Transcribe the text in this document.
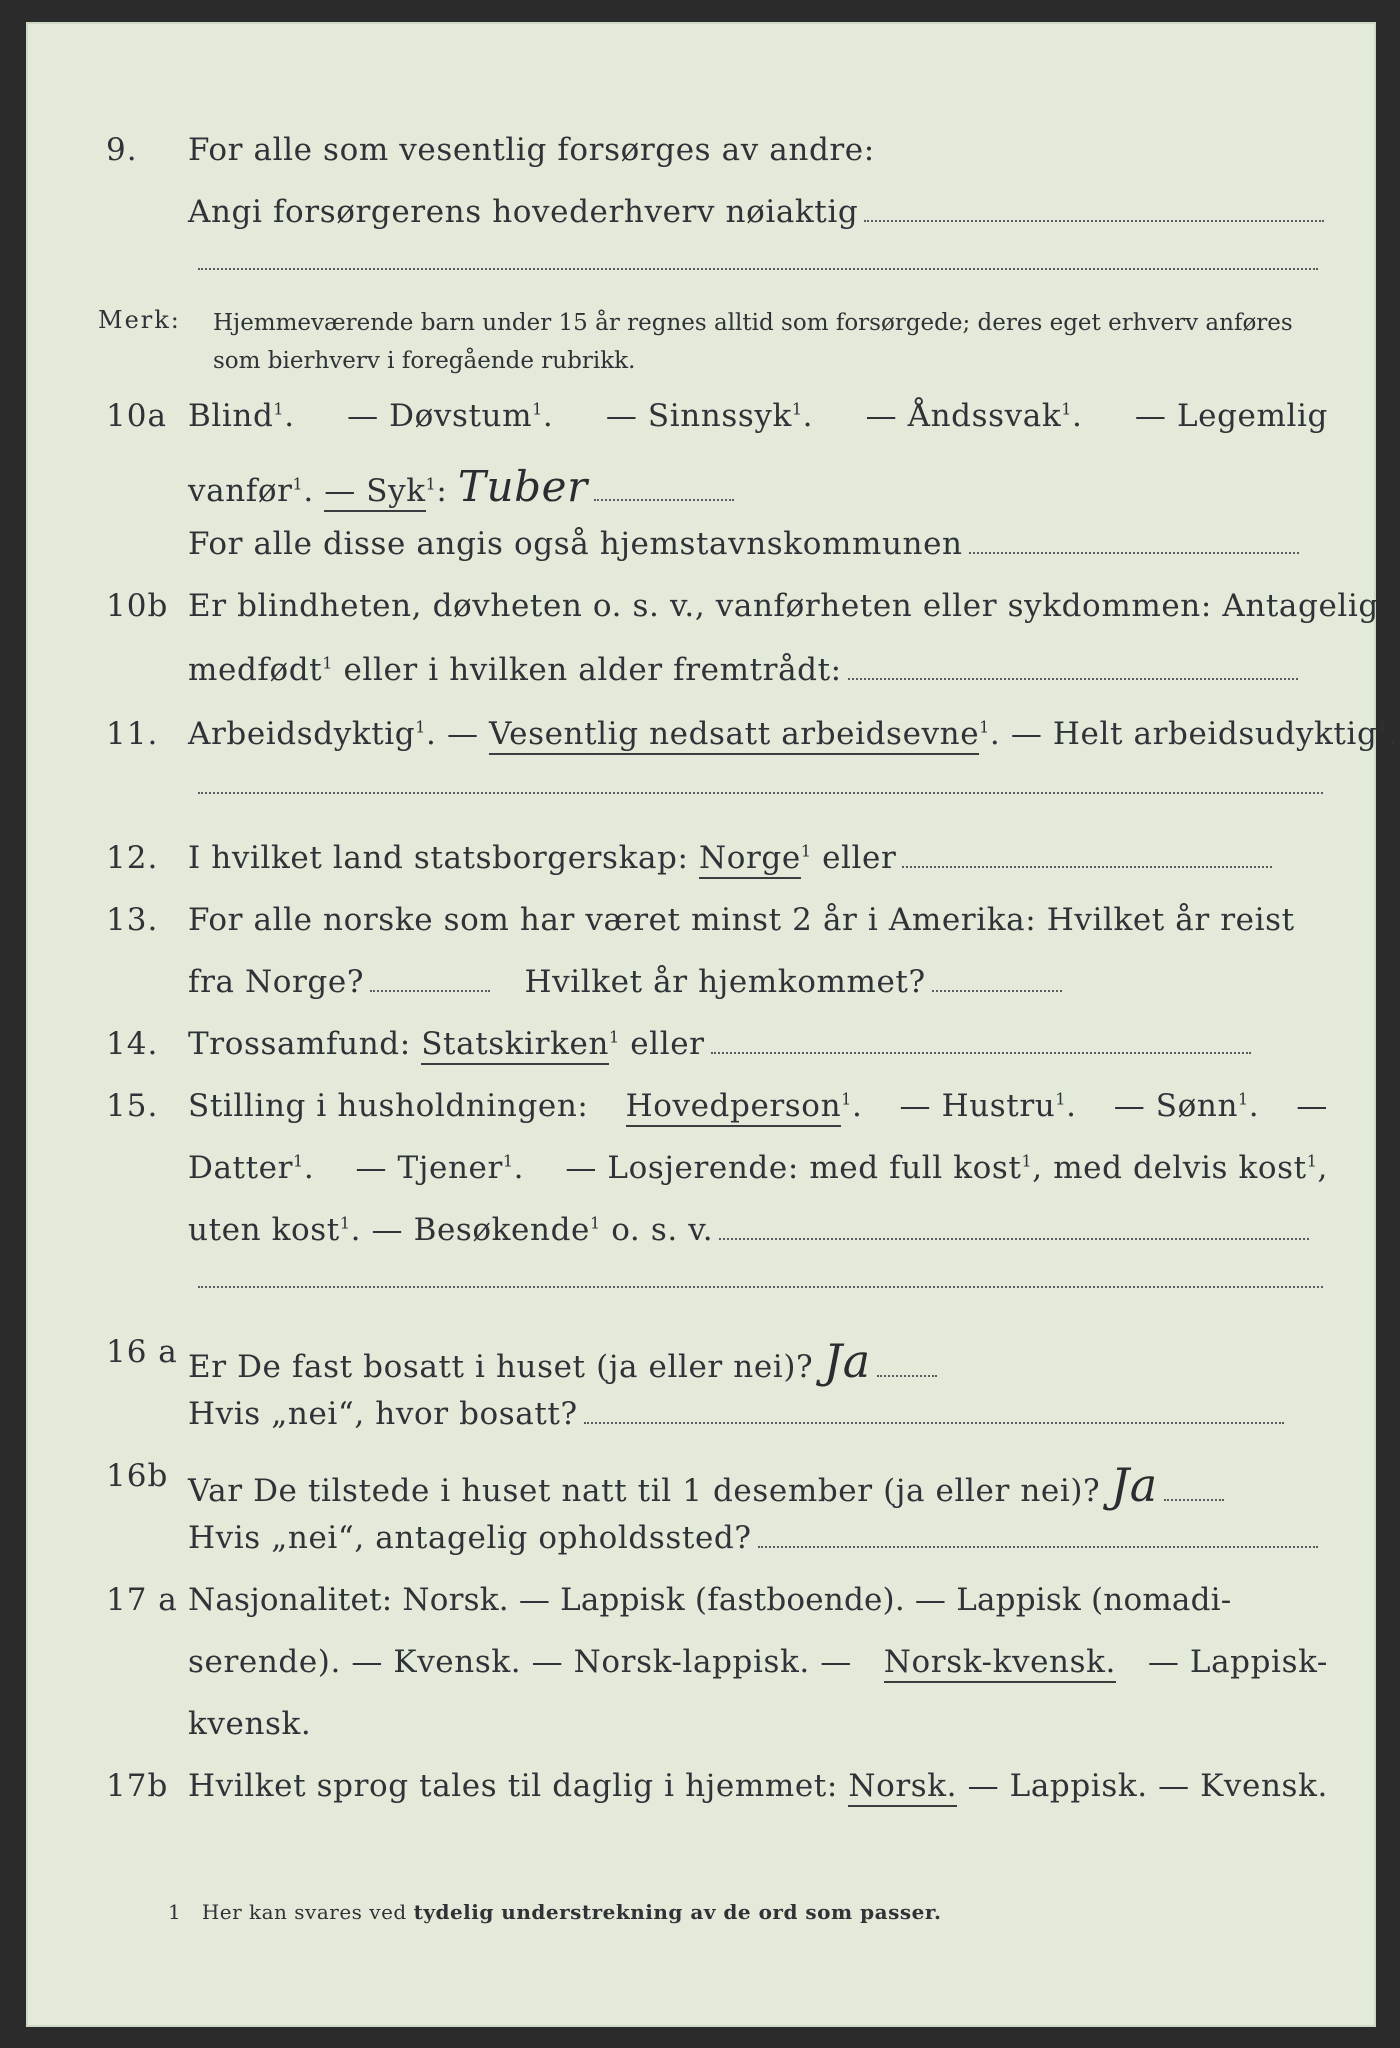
9. For alle som vesentlig forsørges av andre:
Angi forsørgerens hovederhverv nøiaktig
Merk: Hjemmeværende barn under 15 år regnes alltid som forsørgede; deres eget erhverv anføres som bierhverv i foregående rubrikk.
10a Blind$^1$. — Døvstum$^1$. — Sinnssyk$^1$. — Åndssvak$^1$. — Legemlig
vanfør$^1$. — Syk$^1$: Tuber
For alle disse angis også hjemstavnskommunen
10b Er blindheten, døvheten o. s. v., vanførheten eller sykdommen: Antagelig
medfødt$^1$ eller i hvilken alder fremtrådt:
11. Arbeidsdyktig$^1$. — Vesentlig nedsatt arbeidsevne$^1$. — Helt arbeidsudyktig$^1$.
12. I hvilket land statsborgerskap: Norge$^1$ eller
13. For alle norske som har været minst 2 år i Amerika: Hvilket år reist
fra Norge?	Hvilket år hjemkommet?
14. Trossamfund: Statskirken$^1$ eller
15. Stilling i husholdningen: Hovedperson$^1$. — Hustru$^1$. — Sønn$^1$. —
Datter$^1$. — Tjener$^1$. — Losjerende: med full kost$^1$, med delvis kost$^1$,
uten kost$^1$. — Besøkende$^1$ o. s. v.
16 a Er De fast bosatt i huset (ja eller nei)? Ja
Hvis „nei“, hvor bosatt?
16b Var De tilstede i huset natt til 1 desember (ja eller nei)? Ja
Hvis „nei“, antagelig opholdssted?
17 a Nasjonalitet: Norsk. — Lappisk (fastboende). — Lappisk (nomadi-
serende). — Kvensk. — Norsk-lappisk. — Norsk-kvensk. — Lappisk-
kvensk.
17b Hvilket sprog tales til daglig i hjemmet: Norsk. — Lappisk. — Kvensk.
1 Her kan svares ved tydelig understrekning av de ord som passer.
